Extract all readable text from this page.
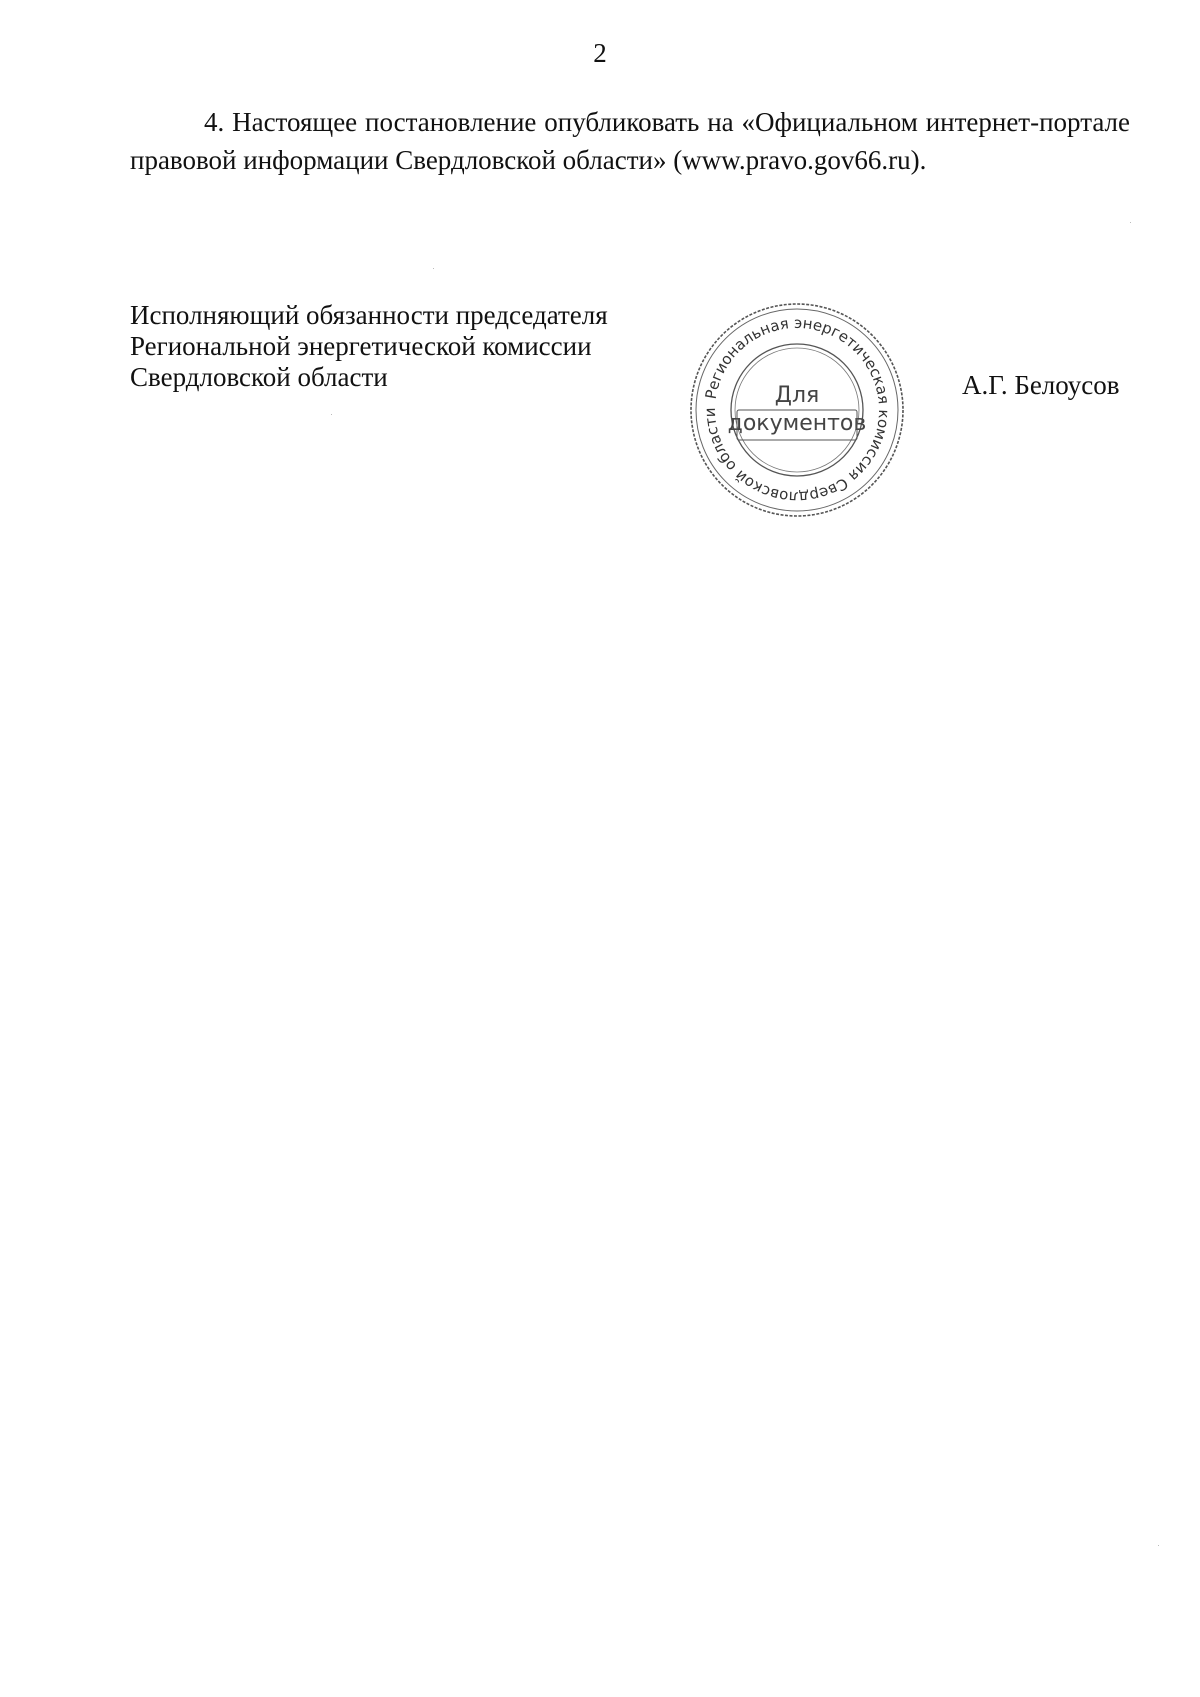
2

4. Настоящее постановление опубликовать на «Официальном интернет-портале правовой информации Свердловской области» (www.pravo.gov66.ru).

Исполняющий обязанности председателя
Региональной энергетической комиссии
Свердловской области
Региональная энергетическая комиссия Свердловской области
Для
документов
А.Г. Белоусов
